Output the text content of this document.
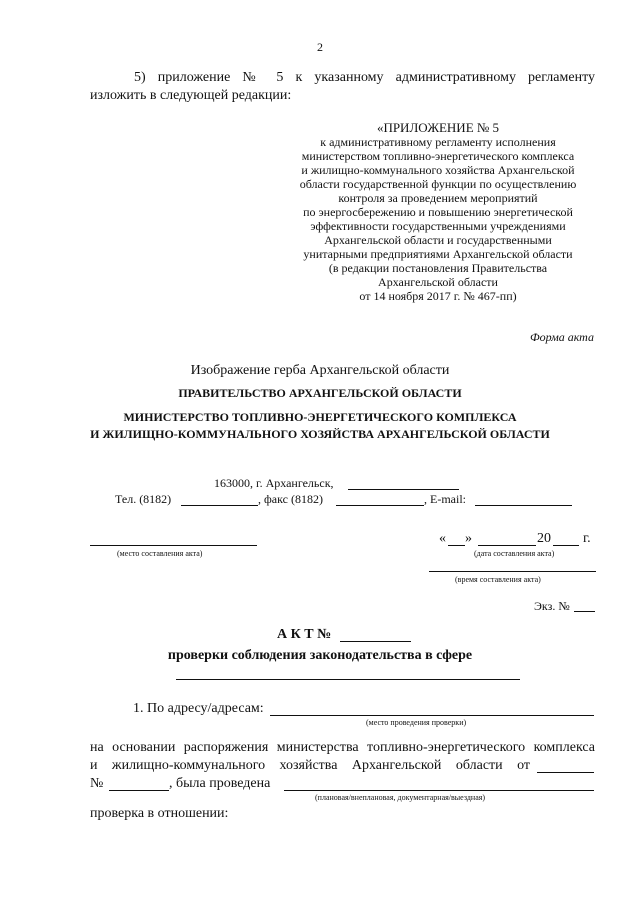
2
5) приложение № 5 к указанному административному регламенту
изложить в следующей редакции:
«ПРИЛОЖЕНИЕ № 5
к административному регламенту исполнения
министерством топливно-энергетического комплекса
и жилищно-коммунального хозяйства Архангельской
области государственной функции по осуществлению
контроля за проведением мероприятий
по энергосбережению и повышению энергетической
эффективности государственными учреждениями
Архангельской области и государственными
унитарными предприятиями Архангельской области
(в редакции постановления Правительства
Архангельской области
от 14 ноября 2017 г. № 467-пп)
Форма акта
Изображение герба Архангельской области
ПРАВИТЕЛЬСТВО АРХАНГЕЛЬСКОЙ ОБЛАСТИ
МИНИСТЕРСТВО ТОПЛИВНО-ЭНЕРГЕТИЧЕСКОГО КОМПЛЕКСА
И ЖИЛИЩНО-КОММУНАЛЬНОГО ХОЗЯЙСТВА АРХАНГЕЛЬСКОЙ ОБЛАСТИ
163000, г. Архангельск,
Тел. (8182)	, факс (8182)	, E-mail:
(место составления акта)
« »	20 г.
(дата составления акта)
(время составления акта)
Экз. №
А К Т №
проверки соблюдения законодательства в сфере
1. По адресу/адресам:
(место проведения проверки)
на основании распоряжения министерства топливно-энергетического комплекса
и жилищно-коммунального хозяйства Архангельской области от
№	, была проведена
(плановая/внеплановая, документарная/выездная)
проверка в отношении:
